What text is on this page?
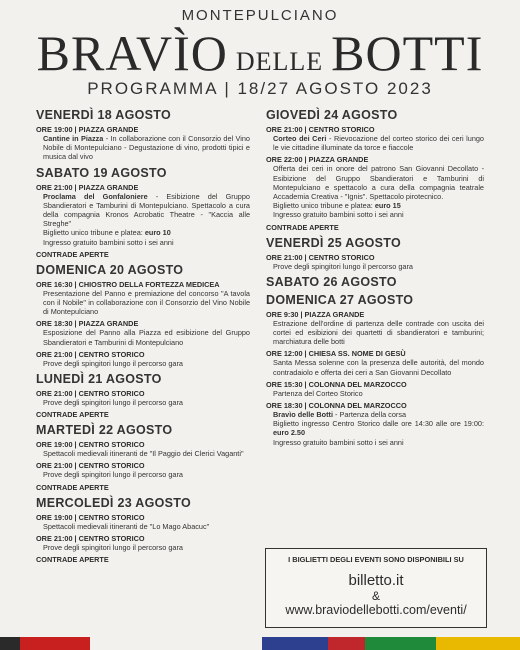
MONTEPULCIANO
BRAVÌO DELLE BOTTI
PROGRAMMA | 18/27 AGOSTO 2023
VENERDÌ 18 AGOSTO
ORE 19:00 | PIAZZA GRANDE
Cantine in Piazza - In collaborazione con il Consorzio del Vino Nobile di Montepulciano - Degustazione di vino, prodotti tipici e musica dal vivo
SABATO 19 AGOSTO
ORE 21:00 | PIAZZA GRANDE
Proclama del Gonfaloniere - Esibizione del Gruppo Sbandieratori e Tamburini di Montepulciano. Spettacolo a cura della compagnia Kronos Acrobatic Theatre - "Kaccia alle Streghe"
Biglietto unico tribune e platea: euro 10
Ingresso gratuito bambini sotto i sei anni
CONTRADE APERTE
DOMENICA 20 AGOSTO
ORE 16:30 | CHIOSTRO DELLA FORTEZZA MEDICEA
Presentazione del Panno e premiazione del concorso "A tavola con il Nobile" in collaborazione con il Consorzio del Vino Nobile di Montepulciano
ORE 18:30 | PIAZZA GRANDE
Esposizione del Panno alla Piazza ed esibizione del Gruppo Sbandieratori e Tamburini di Montepulciano
ORE 21:00 | CENTRO STORICO
Prove degli spingitori lungo il percorso gara
LUNEDÌ 21 AGOSTO
ORE 21:00 | CENTRO STORICO
Prove degli spingitori lungo il percorso gara
CONTRADE APERTE
MARTEDÌ 22 AGOSTO
ORE 19:00 | CENTRO STORICO
Spettacoli medievali itineranti de "Il Paggio dei Clerici Vaganti"
ORE 21:00 | CENTRO STORICO
Prove degli spingitori lungo il percorso gara
CONTRADE APERTE
MERCOLEDÌ 23 AGOSTO
ORE 19:00 | CENTRO STORICO
Spettacoli medievali itineranti de "Lo Mago Abacuc"
ORE 21:00 | CENTRO STORICO
Prove degli spingitori lungo il percorso gara
CONTRADE APERTE
GIOVEDÌ 24 AGOSTO
ORE 21:00 | CENTRO STORICO
Corteo dei Ceri - Rievocazione del corteo storico dei ceri lungo le vie cittadine illuminate da torce e fiaccole
ORE 22:00 | PIAZZA GRANDE
Offerta dei ceri in onore del patrono San Giovanni Decollato - Esibizione del Gruppo Sbandieratori e Tamburini di Montepulciano e spettacolo a cura della compagnia teatrale Accademia Creativa - "Ignis". Spettacolo pirotecnico.
Biglietto unico tribune e platea: euro 15
Ingresso gratuito bambini sotto i sei anni
CONTRADE APERTE
VENERDÌ 25 AGOSTO
ORE 21:00 | CENTRO STORICO
Prove degli spingitori lungo il percorso gara
SABATO 26 AGOSTO
DOMENICA 27 AGOSTO
ORE 9:30 | PIAZZA GRANDE
Estrazione dell'ordine di partenza delle contrade con uscita dei cortei ed esibizioni dei quartetti di sbandieratori e tamburini; marchiatura delle botti
ORE 12:00 | CHIESA SS. NOME DI GESÙ
Santa Messa solenne con la presenza delle autorità, del mondo contradaiolo e offerta dei ceri a San Giovanni Decollato
ORE 15:30 | COLONNA DEL MARZOCCO
Partenza del Corteo Storico
ORE 18:30 | COLONNA DEL MARZOCCO
Bravìo delle Botti - Partenza della corsa
Biglietto ingresso Centro Storico dalle ore 14:30 alle ore 19:00: euro 2.50
Ingresso gratuito bambini sotto i sei anni
I BIGLIETTI DEGLI EVENTI SONO DISPONIBILI SU
billetto.it
&
www.braviodellebotti.com/eventi/
